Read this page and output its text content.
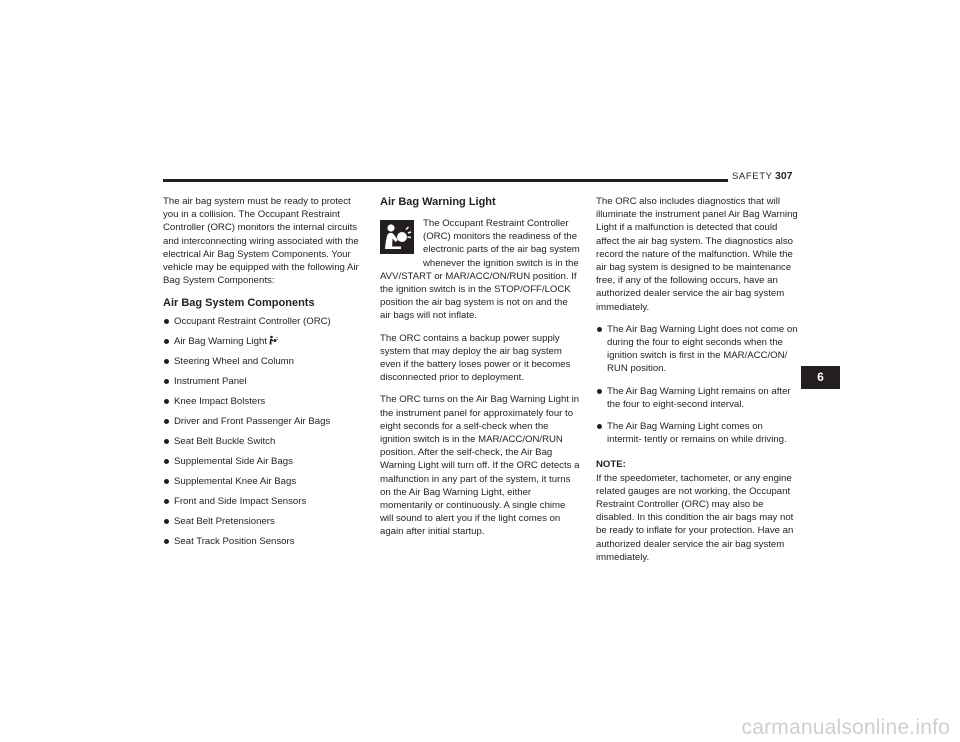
SAFETY 307

The air bag system must be ready to protect you in a collision. The Occupant Restraint Controller (ORC) monitors the internal circuits and interconnecting wiring associated with the electrical Air Bag System Components. Your vehicle may be equipped with the following Air Bag System Components:

Air Bag System Components
Occupant Restraint Controller (ORC)
Air Bag Warning Light
Steering Wheel and Column
Instrument Panel
Knee Impact Bolsters
Driver and Front Passenger Air Bags
Seat Belt Buckle Switch
Supplemental Side Air Bags
Supplemental Knee Air Bags
Front and Side Impact Sensors
Seat Belt Pretensioners
Seat Track Position Sensors
Air Bag Warning Light

The Occupant Restraint Controller (ORC) monitors the readiness of the electronic parts of the air bag system whenever the ignition switch is in the AVV/START or MAR/ACC/ON/RUN position. If the ignition switch is in the STOP/OFF/LOCK position the air bag system is not on and the air bags will not inflate.

The ORC contains a backup power supply system that may deploy the air bag system even if the battery loses power or it becomes disconnected prior to deployment.

The ORC turns on the Air Bag Warning Light in the instrument panel for approximately four to eight seconds for a self-check when the ignition switch is in the MAR/ACC/ON/RUN position. After the self-check, the Air Bag Warning Light will turn off. If the ORC detects a malfunction in any part of the system, it turns on the Air Bag Warning Light, either momentarily or continuously. A single chime will sound to alert you if the light comes on again after initial startup.

The ORC also includes diagnostics that will illuminate the instrument panel Air Bag Warning Light if a malfunction is detected that could affect the air bag system. The diagnostics also record the nature of the malfunction. While the air bag system is designed to be maintenance free, if any of the following occurs, have an authorized dealer service the air bag system immediately.

The Air Bag Warning Light does not come on during the four to eight seconds when the ignition switch is first in the MAR/ACC/ON/ RUN position.
The Air Bag Warning Light remains on after the four to eight-second interval.
The Air Bag Warning Light comes on intermit- tently or remains on while driving.
NOTE:

If the speedometer, tachometer, or any engine related gauges are not working, the Occupant Restraint Controller (ORC) may also be disabled. In this condition the air bags may not be ready to inflate for your protection. Have an authorized dealer service the air bag system immediately.

6
carmanualsonline.info
